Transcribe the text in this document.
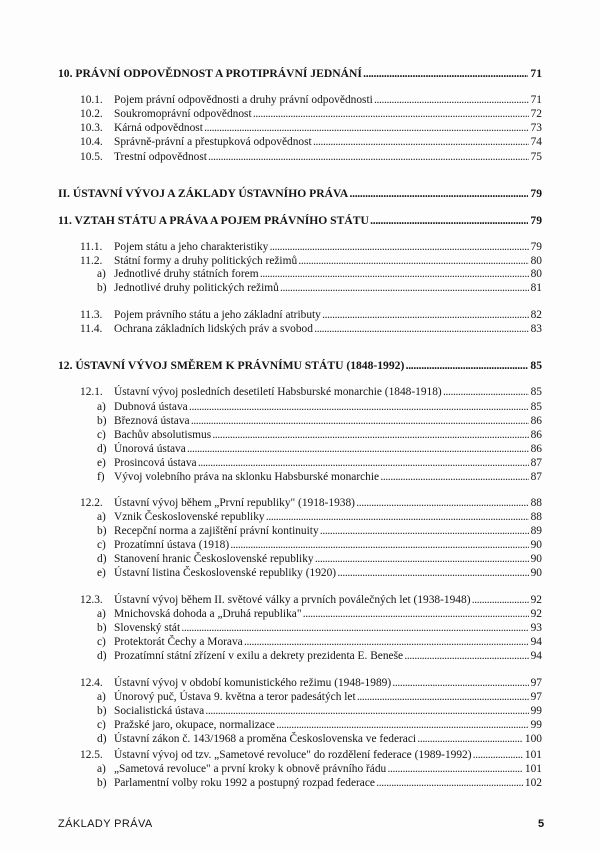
10. PRÁVNÍ ODPOVĚDNOST A PROTIPRÁVNÍ JEDNÁNÍ . . .	71
10.1. Pojem právní odpovědnosti a druhy právní odpovědnosti . . .	71
10.2. Soukromoprávní odpovědnost . . .	72
10.3. Kárná odpovědnost . . .	73
10.4. Správně-právní a přestupková odpovědnost . . .	74
10.5. Trestní odpovědnost . . .	75
II. ÚSTAVNÍ VÝVOJ A ZÁKLADY ÚSTAVNÍHO PRÁVA . . .	79
11. VZTAH STÁTU A PRÁVA A POJEM PRÁVNÍHO STÁTU . . .	79
11.1. Pojem státu a jeho charakteristiky . . .	79
11.2. Státní formy a druhy politických režimů . . .	80
a) Jednotlivé druhy státních forem . . .	80
b) Jednotlivé druhy politických režimů . . .	81
11.3. Pojem právního státu a jeho základní atributy . . .	82
11.4. Ochrana základních lidských práv a svobod . . .	83
12. ÚSTAVNÍ VÝVOJ SMĚREM K PRÁVNÍMU STÁTU (1848-1992) . . .	85
12.1. Ústavní vývoj posledních desetiletí Habsburské monarchie (1848-1918) . . .	85
a) Dubnová ústava . . .	85
b) Březnová ústava . . .	86
c) Bachův absolutismus . . .	86
d) Únorová ústava . . .	86
e) Prosincová ústava . . .	87
f) Vývoj volebního práva na sklonku Habsburské monarchie . . .	87
12.2. Ústavní vývoj během „První republiky" (1918-1938) . . .	88
a) Vznik Československé republiky . . .	88
b) Recepční norma a zajištění právní kontinuity . . .	89
c) Prozatímní ústava (1918) . . .	90
d) Stanovení hranic Československé republiky . . .	90
e) Ústavní listina Československé republiky (1920) . . .	90
12.3. Ústavní vývoj během II. světové války a prvních poválečných let (1938-1948) . . .	92
a) Mnichovská dohoda a „Druhá republika" . . .	92
b) Slovenský stát . . .	93
c) Protektorát Čechy a Morava . . .	94
d) Prozatímní státní zřízení v exilu a dekrety prezidenta E. Beneše . . .	94
12.4. Ústavní vývoj v období komunistického režimu (1948-1989) . . .	97
a) Únorový puč, Ústava 9. května a teror padesátých let . . .	97
b) Socialistická ústava . . .	99
c) Pražské jaro, okupace, normalizace . . .	99
d) Ústavní zákon č. 143/1968 a proměna Československa ve federaci . . .	100
12.5. Ústavní vývoj od tzv. „Sametové revoluce" do rozdělení federace (1989-1992) . . .	101
a) „Sametová revoluce" a první kroky k obnově právního řádu . . .	101
b) Parlamentní volby roku 1992 a postupný rozpad federace . . .	102
ZÁKLADY PRÁVA	5
